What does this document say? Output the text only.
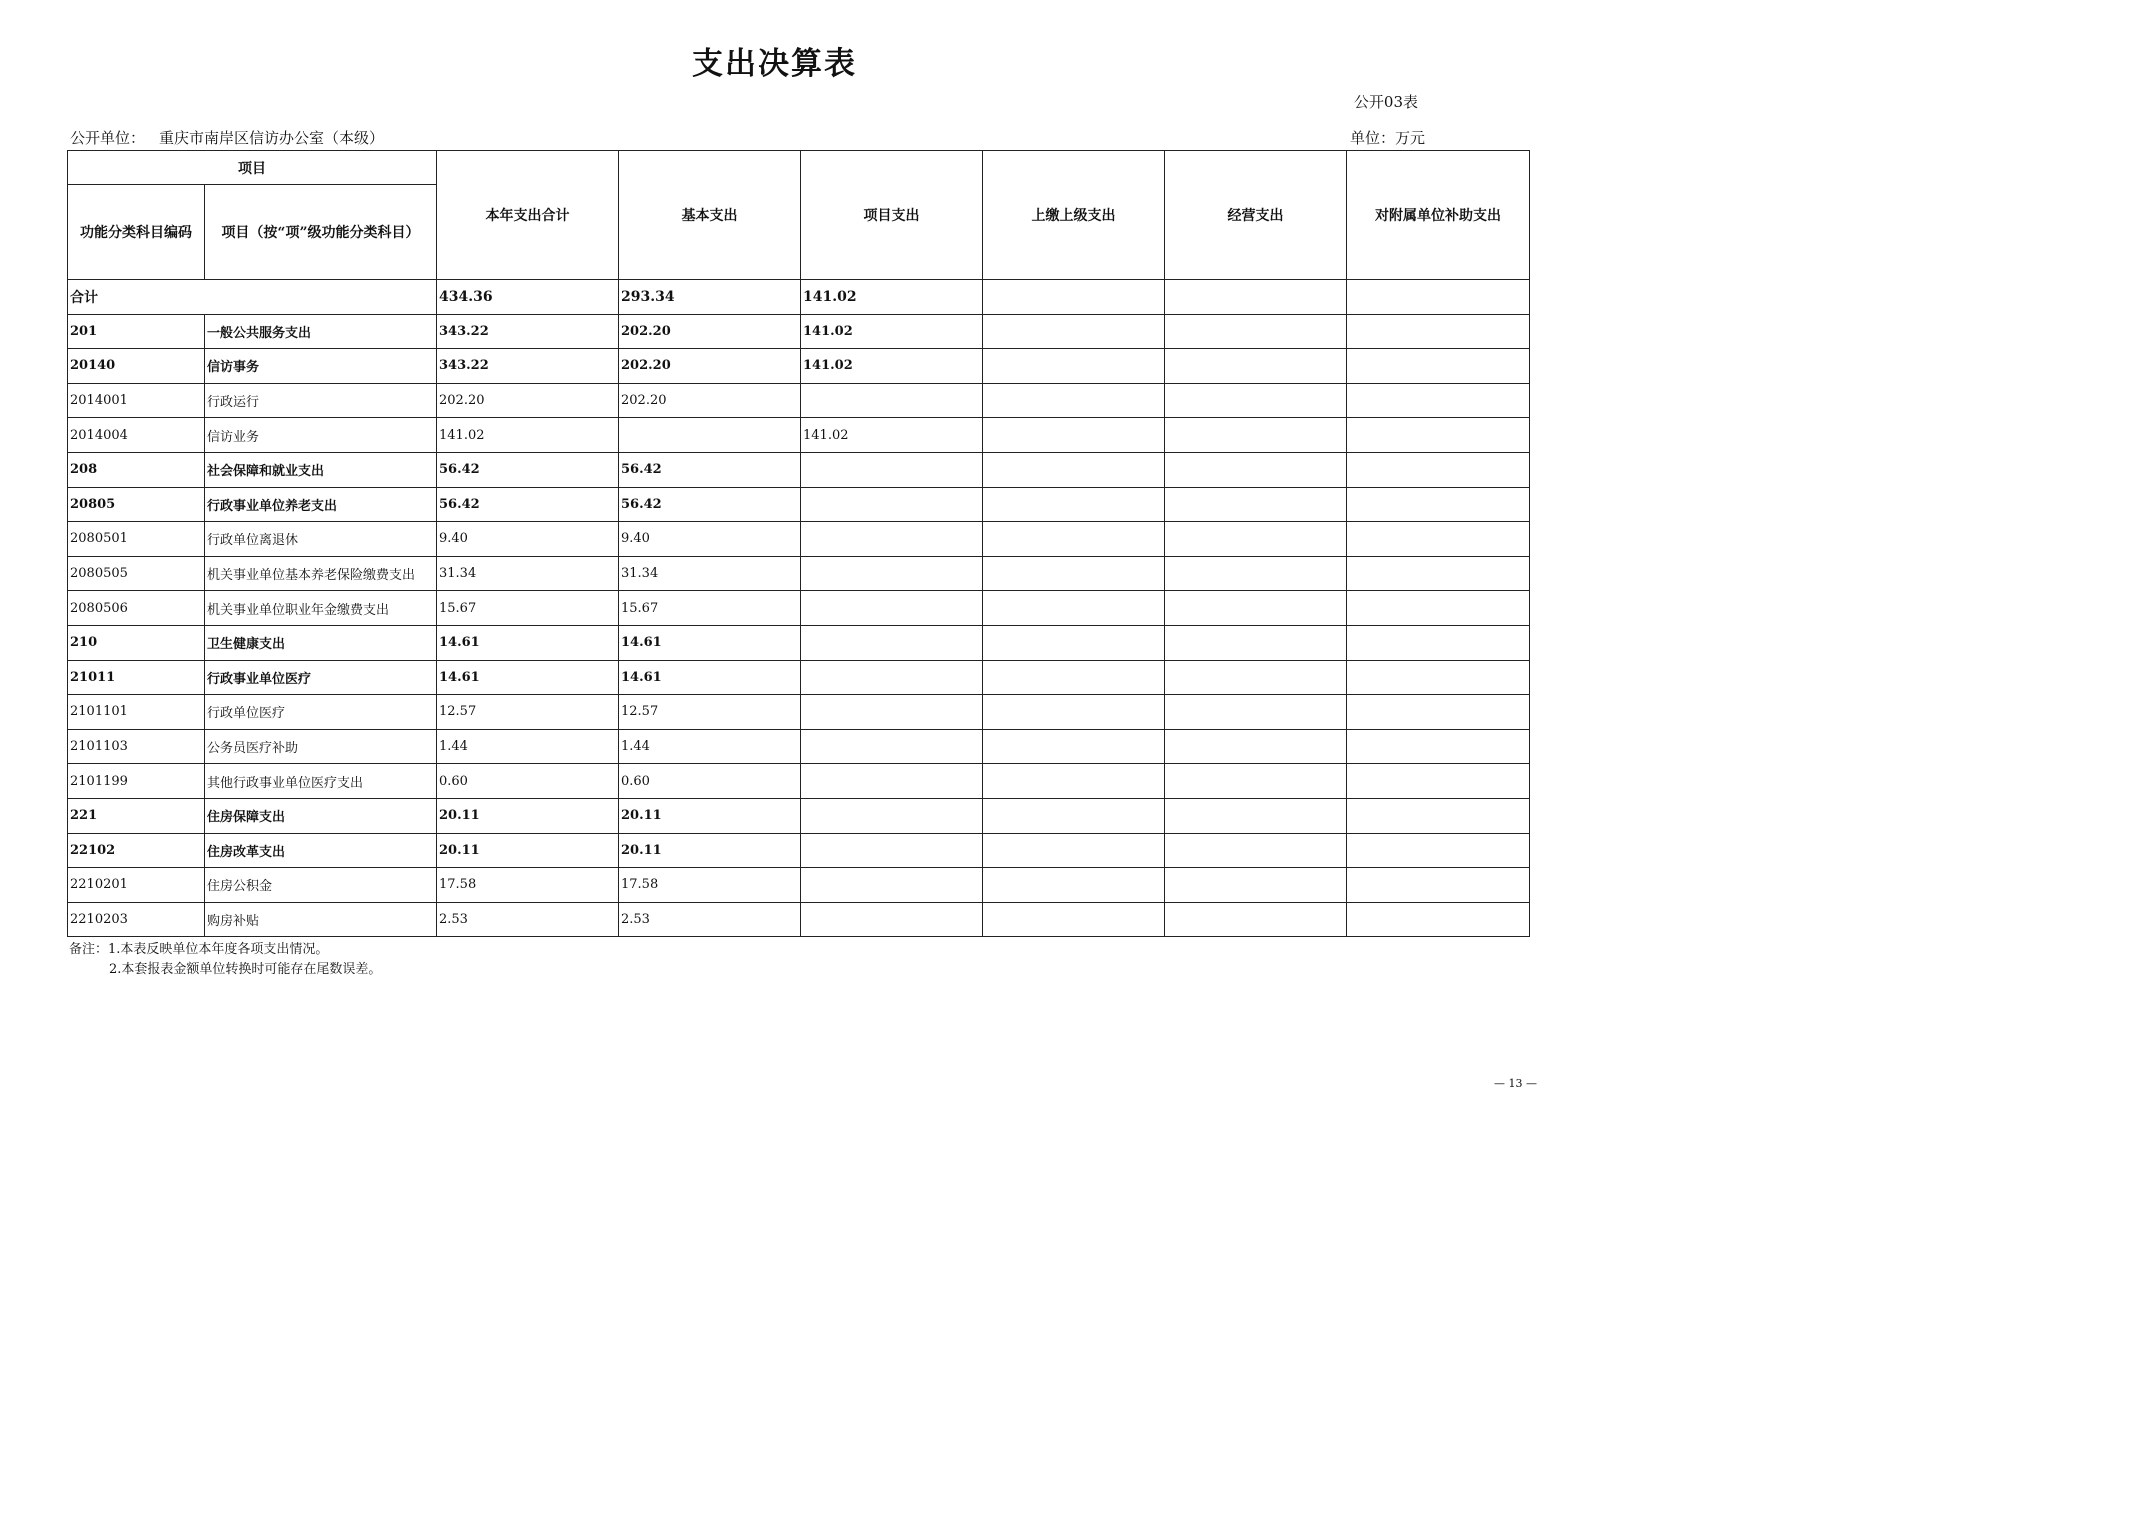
支出决算表
公开03表
公开单位： 重庆市南岸区信访办公室（本级）	单位：万元
项目		本年支出合计	基本支出	项目支出	上缴上级支出	经营支出	对附属单位补助支出
功能分类科目编码	项目（按“项”级功能分类科目）						
合计		434.36	293.34	141.02			
201	一般公共服务支出	343.22	202.20	141.02			
20140	信访事务	343.22	202.20	141.02			
2014001	行政运行	202.20	202.20				
2014004	信访业务	141.02		141.02			
208	社会保障和就业支出	56.42	56.42				
20805	行政事业单位养老支出	56.42	56.42				
2080501	行政单位离退休	9.40	9.40				
2080505	机关事业单位基本养老保险缴费支出	31.34	31.34				
2080506	机关事业单位职业年金缴费支出	15.67	15.67				
210	卫生健康支出	14.61	14.61				
21011	行政事业单位医疗	14.61	14.61				
2101101	行政单位医疗	12.57	12.57				
2101103	公务员医疗补助	1.44	1.44				
2101199	其他行政事业单位医疗支出	0.60	0.60				
221	住房保障支出	20.11	20.11				
22102	住房改革支出	20.11	20.11				
2210201	住房公积金	17.58	17.58				
2210203	购房补贴	2.53	2.53				
备注：1.本表反映单位本年度各项支出情况。
2.本套报表金额单位转换时可能存在尾数误差。
— 13 —
